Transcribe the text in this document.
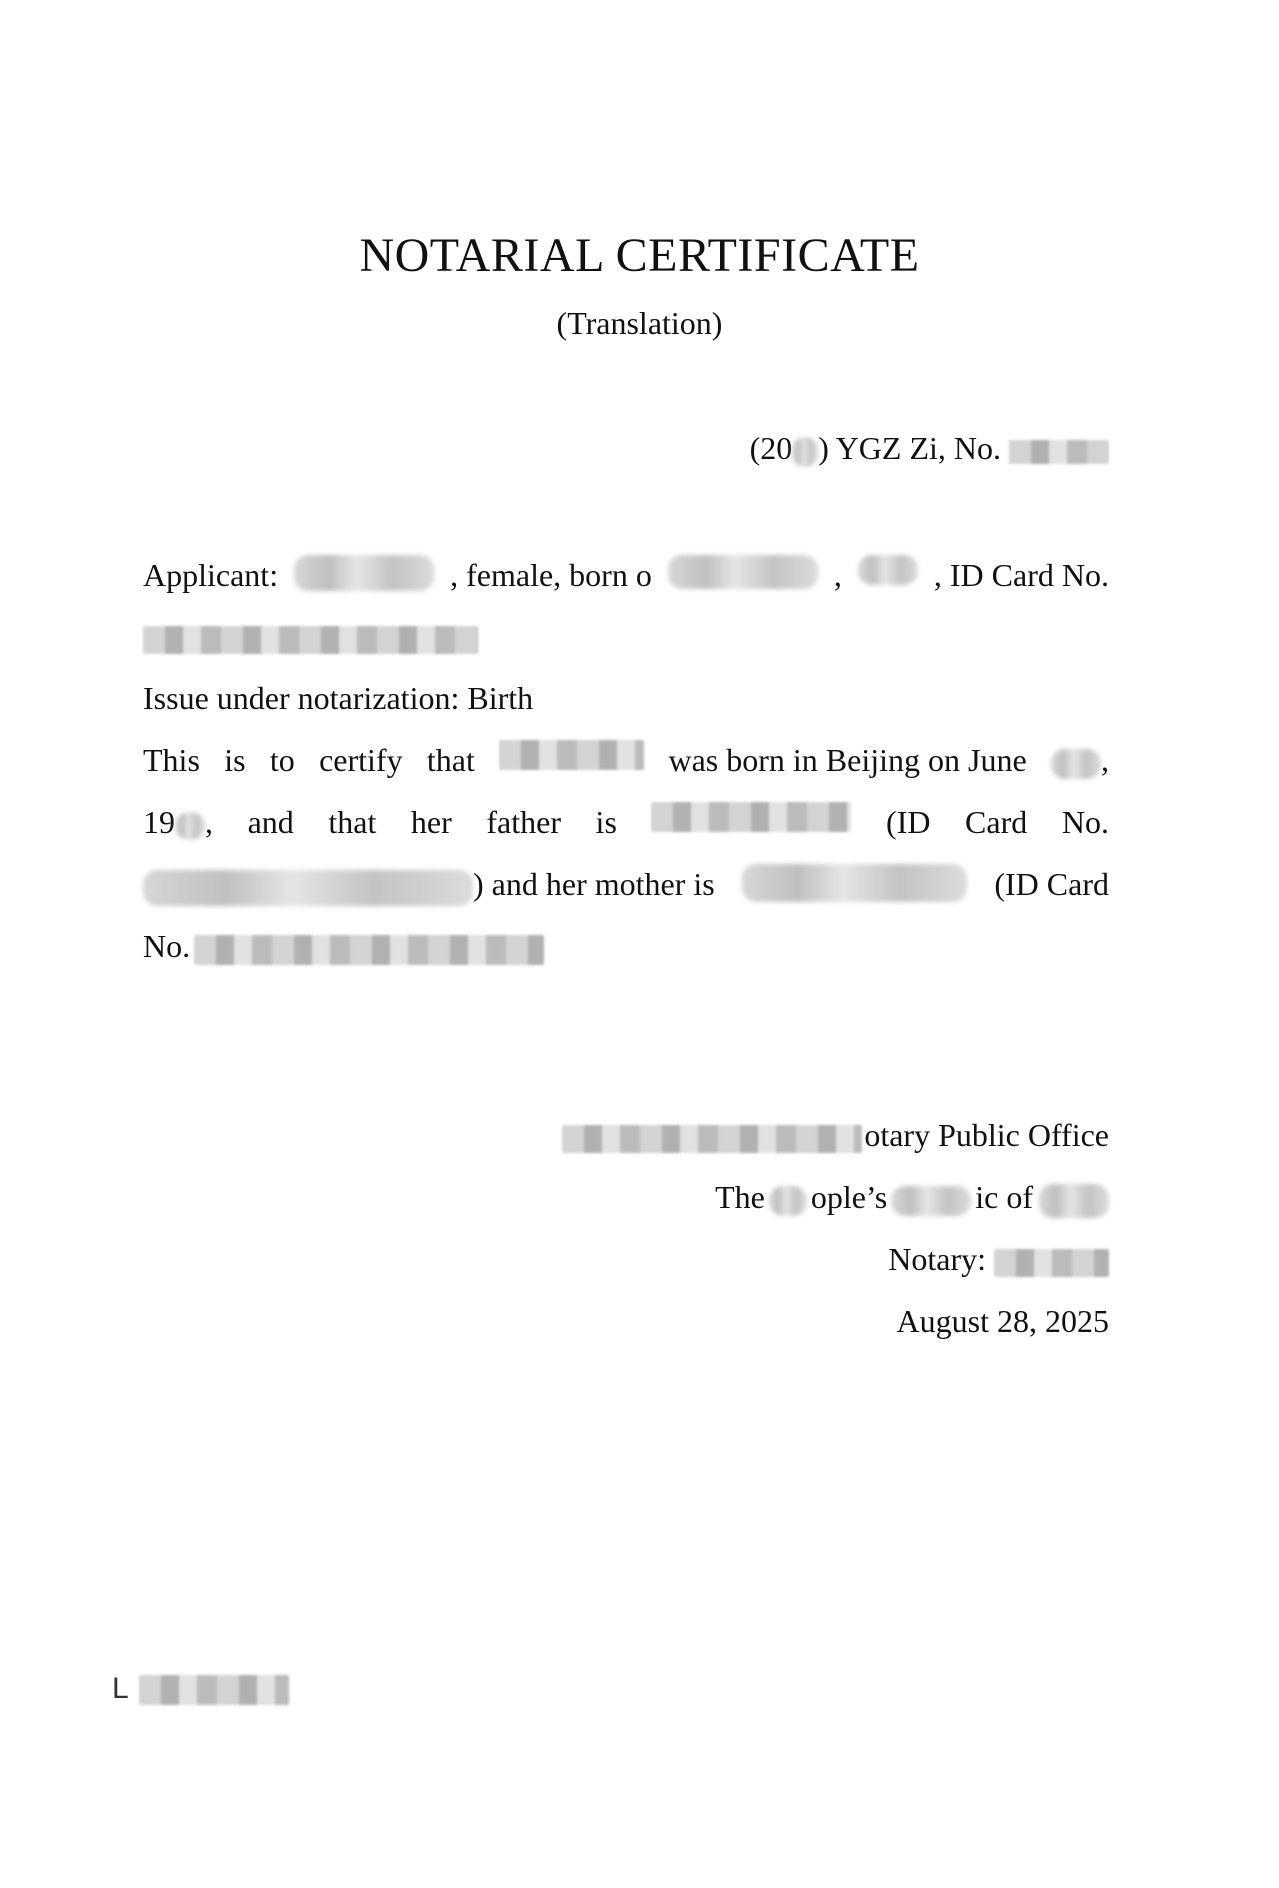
NOTARIAL CERTIFICATE
(Translation)
(20 ) YGZ Zi, No.
Applicant:	, female, born o	,	, ID Card No.
Issue under notarization: Birth
This is to certify that	was born in Beijing on June	,
19 , and that her father is	(ID Card No.
) and her mother is	(ID Card
No.
otary Public Office
The ople’s	ic of
Notary:
August 28, 2025
L
